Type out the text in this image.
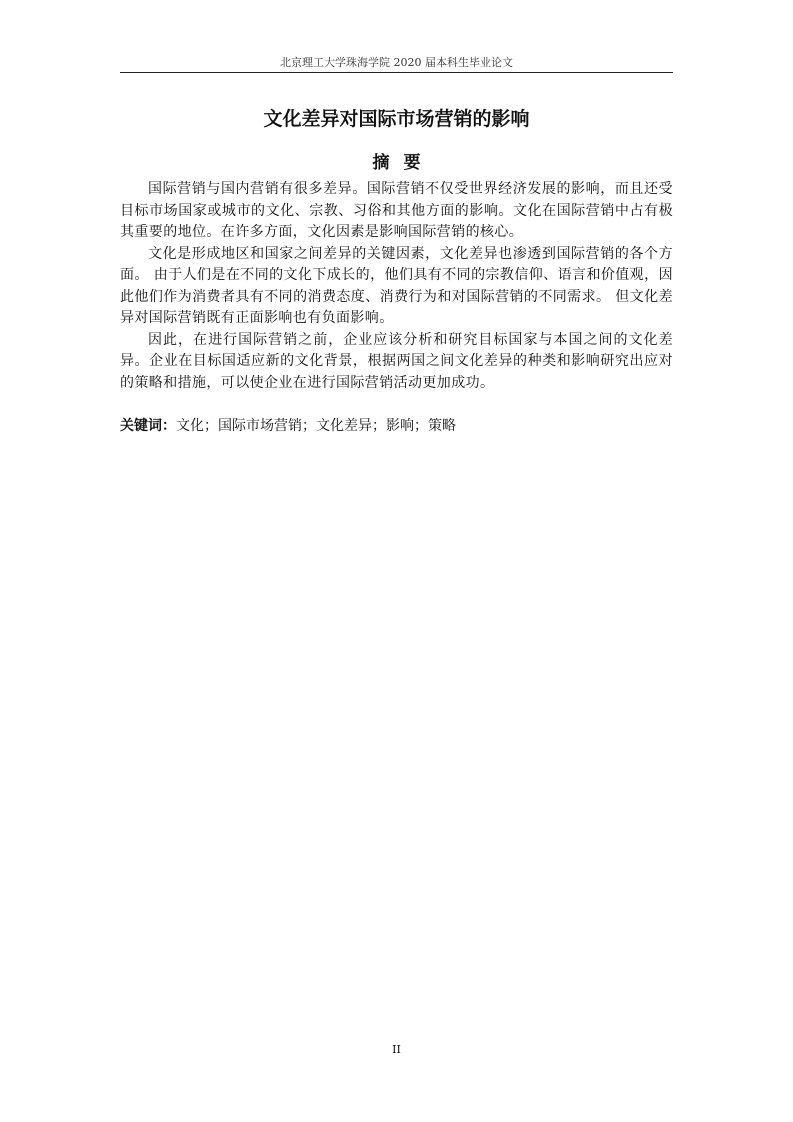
北京理工大学珠海学院 2020 届本科生毕业论文
文化差异对国际市场营销的影响
摘要

国际营销与国内营销有很多差异。国际营销不仅受世界经济发展的影响，而且还受目标市场国家或城市的文化、宗教、习俗和其他方面的影响。文化在国际营销中占有极其重要的地位。在许多方面，文化因素是影响国际营销的核心。

文化是形成地区和国家之间差异的关键因素，文化差异也渗透到国际营销的各个方面。 由于人们是在不同的文化下成长的，他们具有不同的宗教信仰、语言和价值观，因此他们作为消费者具有不同的消费态度、消费行为和对国际营销的不同需求。 但文化差异对国际营销既有正面影响也有负面影响。

因此，在进行国际营销之前，企业应该分析和研究目标国家与本国之间的文化差异。企业在目标国适应新的文化背景，根据两国之间文化差异的种类和影响研究出应对的策略和措施，可以使企业在进行国际营销活动更加成功。

关键词：文化；国际市场营销；文化差异；影响；策略
II
